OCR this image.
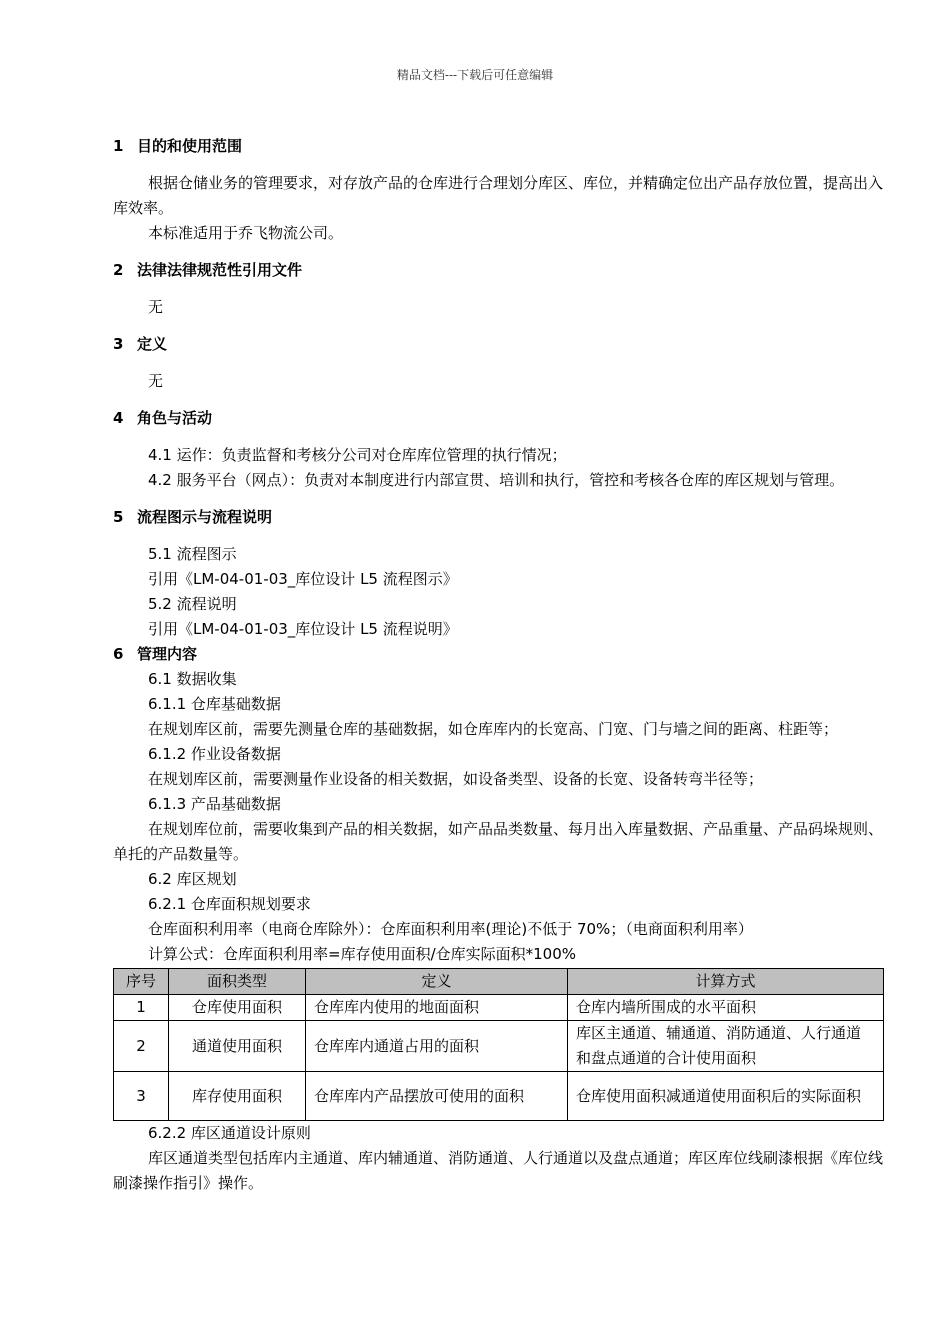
精品文档---下载后可任意编辑
1 目的和使用范围

根据仓储业务的管理要求，对存放产品的仓库进行合理划分库区、库位，并精确定位出产品存放位置，提高出入库效率。

本标准适用于乔飞物流公司。

2 法律法律规范性引用文件

无

3 定义

无

4 角色与活动

4.1 运作：负责监督和考核分公司对仓库库位管理的执行情况；

4.2 服务平台（网点）：负责对本制度进行内部宣贯、培训和执行，管控和考核各仓库的库区规划与管理。

5 流程图示与流程说明

5.1 流程图示

引用《LM-04-01-03_库位设计 L5 流程图示》

5.2 流程说明

引用《LM-04-01-03_库位设计 L5 流程说明》

6 管理内容

6.1 数据收集

6.1.1 仓库基础数据

在规划库区前，需要先测量仓库的基础数据，如仓库库内的长宽高、门宽、门与墙之间的距离、柱距等；

6.1.2 作业设备数据

在规划库区前，需要测量作业设备的相关数据，如设备类型、设备的长宽、设备转弯半径等；

6.1.3 产品基础数据

在规划库位前，需要收集到产品的相关数据，如产品品类数量、每月出入库量数据、产品重量、产品码垛规则、单托的产品数量等。

6.2 库区规划

6.2.1 仓库面积规划要求

仓库面积利用率（电商仓库除外）：仓库面积利用率(理论)不低于 70%；（电商面积利用率）

计算公式：仓库面积利用率=库存使用面积/仓库实际面积*100%

序号	面积类型	定义	计算方式
1	仓库使用面积	仓库库内使用的地面面积	仓库内墙所围成的水平面积
2	通道使用面积	仓库库内通道占用的面积	库区主通道、辅通道、消防通道、人行通道和盘点通道的合计使用面积
3	库存使用面积	仓库库内产品摆放可使用的面积	仓库使用面积减通道使用面积后的实际面积

6.2.2 库区通道设计原则

库区通道类型包括库内主通道、库内辅通道、消防通道、人行通道以及盘点通道；库区库位线刷漆根据《库位线刷漆操作指引》操作。
